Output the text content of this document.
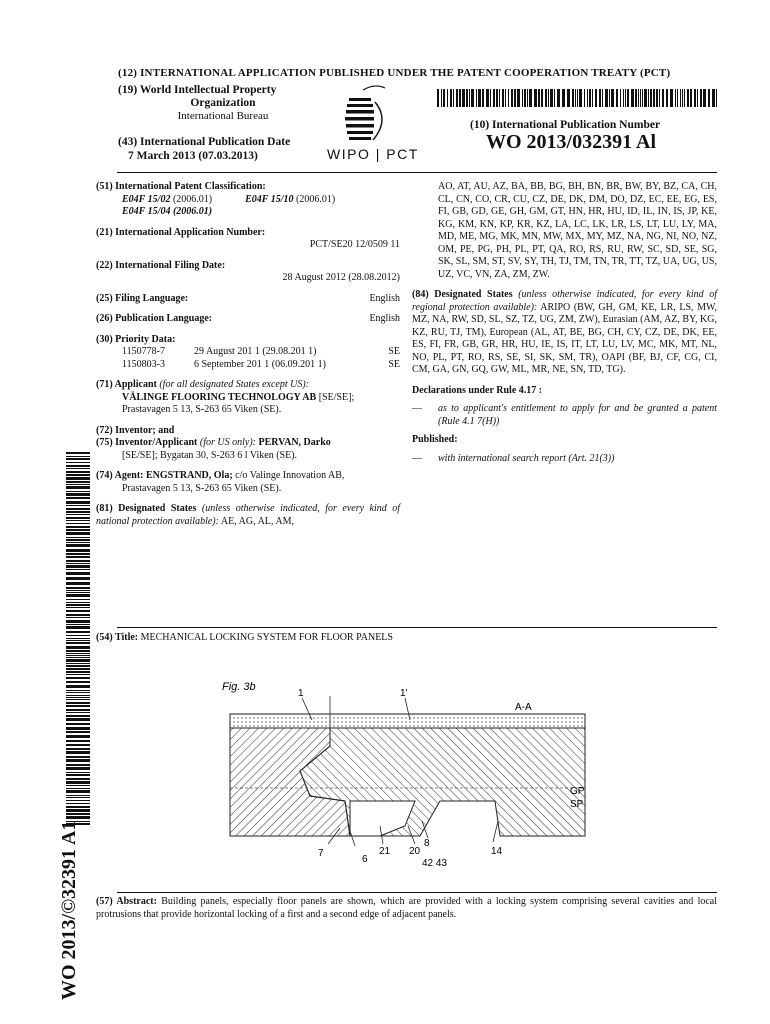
(12) INTERNATIONAL APPLICATION PUBLISHED UNDER THE PATENT COOPERATION TREATY (PCT)
(19) World Intellectual Property
Organization
International Bureau
(43) International Publication Date
7 March 2013 (07.03.2013)	WIPO | PCT
(10) International Publication Number
WO 2013/032391 Al
(51) International Patent Classification:
E04F 15/02 (2006.01)	E04F 15/10 (2006.01)
E04F 15/04 (2006.01)
(21) International Application Number:
PCT/SE20 12/0509 11
(22) International Filing Date:
28 August 2012 (28.08.2012)
(25) Filing Language:	English
(26) Publication Language:	English
(30) Priority Data:
1150778-7	29 August 201 1 (29.08.201 1)	SE
1150803-3	6 September 201 1 (06.09.201 1)	SE
(71) Applicant (for all designated States except US):
VÄLINGE FLOORING TECHNOLOGY AB [SE/SE];
Prastavagen 5 13, S-263 65 Viken (SE).
(72) Inventor; and
(75) Inventor/Applicant (for US only): PERVAN, Darko
[SE/SE]; Bygatan 30, S-263 6 l Viken (SE).
(74) Agent: ENGSTRAND, Ola; c/o Valinge Innovation AB,
Prastavagen 5 13, S-263 65 Viken (SE).
(81) Designated States (unless otherwise indicated, for every kind of national protection available): AE, AG, AL, AM,
AO, AT, AU, AZ, BA, BB, BG, BH, BN, BR, BW, BY, BZ, CA, CH, CL, CN, CO, CR, CU, CZ, DE, DK, DM, DO, DZ, EC, EE, EG, ES, FI, GB, GD, GE, GH, GM, GT, HN, HR, HU, ID, IL, IN, IS, JP, KE, KG, KM, KN, KP, KR, KZ, LA, LC, LK, LR, LS, LT, LU, LY, MA, MD, ME, MG, MK, MN, MW, MX, MY, MZ, NA, NG, NI, NO, NZ, OM, PE, PG, PH, PL, PT, QA, RO, RS, RU, RW, SC, SD, SE, SG, SK, SL, SM, ST, SV, SY, TH, TJ, TM, TN, TR, TT, TZ, UA, UG, US, UZ, VC, VN, ZA, ZM, ZW.
(84) Designated States (unless otherwise indicated, for every kind of regional protection available): ARIPO (BW, GH, GM, KE, LR, LS, MW, MZ, NA, RW, SD, SL, SZ, TZ, UG, ZM, ZW), Eurasian (AM, AZ, BY, KG, KZ, RU, TJ, TM), European (AL, AT, BE, BG, CH, CY, CZ, DE, DK, EE, ES, FI, FR, GB, GR, HR, HU, IE, IS, IT, LT, LU, LV, MC, MK, MT, NL, NO, PL, PT, RO, RS, SE, SI, SK, SM, TR), OAPI (BF, BJ, CF, CG, CI, CM, GA, GN, GQ, GW, ML, MR, NE, SN, TD, TG).
Declarations under Rule 4.17 :
—	as to applicant's entitlement to apply for and be granted a patent (Rule 4.1 7(H))
Published:
—	with international search report (Art. 21(3))
WO 2013/©32391 A1
(54) Title: MECHANICAL LOCKING SYSTEM FOR FLOOR PANELS
Fig. 3b
A-A
1	1'
GP
SP
7
6
21 20
8
14
42 43
(57) Abstract: Building panels, especially floor panels are shown, which are provided with a locking system comprising several cavities and local protrusions that provide horizontal locking of a first and a second edge of adjacent panels.
